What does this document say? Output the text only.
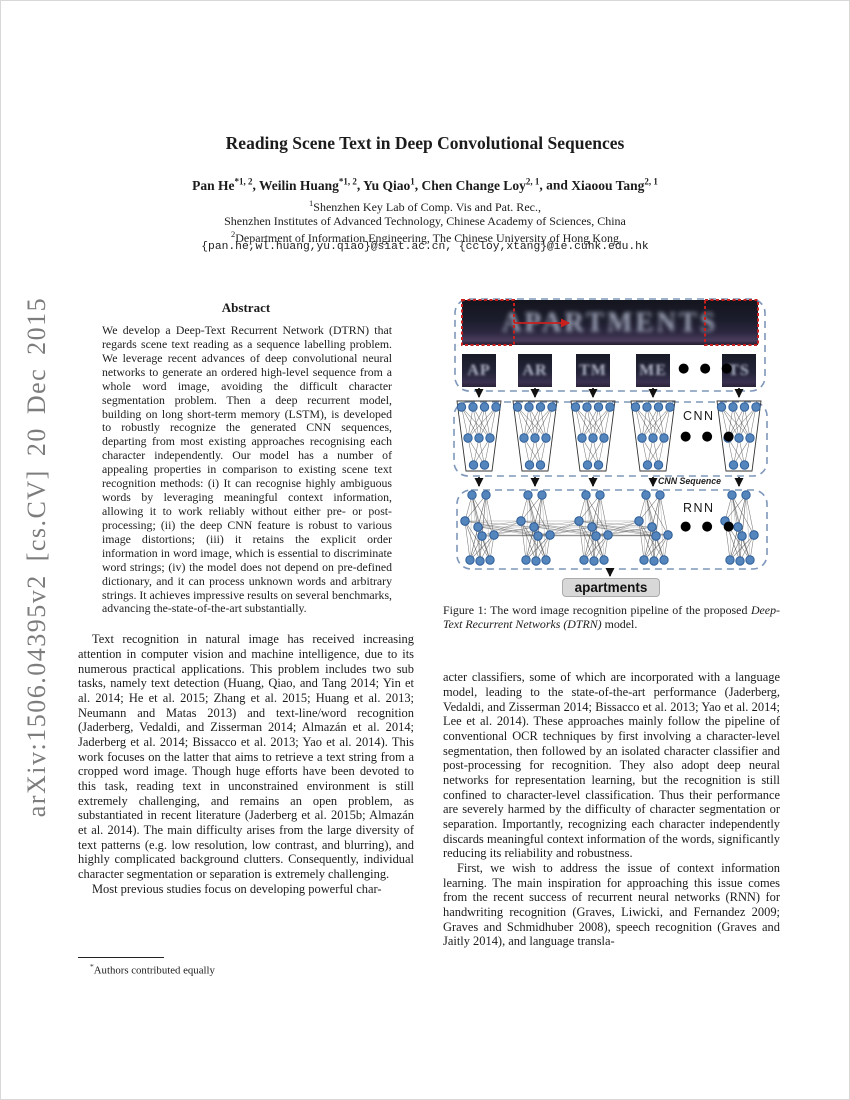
arXiv:1506.04395v2 [cs.CV] 20 Dec 2015
Reading Scene Text in Deep Convolutional Sequences
Pan He$^{*1, 2}$, Weilin Huang$^{*1, 2}$, Yu Qiao$^1$, Chen Change Loy$^{2, 1}$, and Xiaoou Tang$^{2, 1}$
$^1$Shenzhen Key Lab of Comp. Vis and Pat. Rec.,
Shenzhen Institutes of Advanced Technology, Chinese Academy of Sciences, China
$^2$Department of Information Engineering, The Chinese University of Hong Kong
{pan.he,wl.huang,yu.qiao}@siat.ac.cn, {ccloy,xtang}@ie.cuhk.edu.hk
Abstract

We develop a Deep-Text Recurrent Network (DTRN) that regards scene text reading as a sequence labelling problem. We leverage recent advances of deep convolutional neural networks to generate an ordered high-level sequence from a whole word image, avoiding the difficult character segmentation problem. Then a deep recurrent model, building on long short-term memory (LSTM), is developed to robustly recognize the generated CNN sequences, departing from most existing approaches recognising each character independently. Our model has a number of appealing properties in comparison to existing scene text recognition methods: (i) It can recognise highly ambiguous words by leveraging meaningful context information, allowing it to work reliably without either pre- or post-processing; (ii) the deep CNN feature is robust to various image distortions; (iii) it retains the explicit order information in word image, which is essential to discriminate word strings; (iv) the model does not depend on pre-defined dictionary, and it can process unknown words and arbitrary strings. It achieves impressive results on several benchmarks, advancing the-state-of-the-art substantially.

Text recognition in natural image has received increasing attention in computer vision and machine intelligence, due to its numerous practical applications. This problem includes two sub tasks, namely text detection (Huang, Qiao, and Tang 2014; Yin et al. 2014; He et al. 2015; Zhang et al. 2015; Huang et al. 2013; Neumann and Matas 2013) and text-line/word recognition (Jaderberg, Vedaldi, and Zisserman 2014; Almazán et al. 2014; Jaderberg et al. 2014; Bissacco et al. 2013; Yao et al. 2014). This work focuses on the latter that aims to retrieve a text string from a cropped word image. Though huge efforts have been devoted to this task, reading text in unconstrained environment is still extremely challenging, and remains an open problem, as substantiated in recent literature (Jaderberg et al. 2015b; Almazán et al. 2014). The main difficulty arises from the large diversity of text patterns (e.g. low resolution, low contrast, and blurring), and highly complicated background clutters. Consequently, individual character segmentation or separation is extremely challenging.

Most previous studies focus on developing powerful char-

APARTMENTS
● ● ●
CNN
● ● ●
CNN Sequence
RNN
● ● ●
apartments
AP AR TM ME	TS
Figure 1: The word image recognition pipeline of the proposed Deep-Text Recurrent Networks (DTRN) model.

acter classifiers, some of which are incorporated with a language model, leading to the state-of-the-art performance (Jaderberg, Vedaldi, and Zisserman 2014; Bissacco et al. 2013; Yao et al. 2014; Lee et al. 2014). These approaches mainly follow the pipeline of conventional OCR techniques by first involving a character-level segmentation, then followed by an isolated character classifier and post-processing for recognition. They also adopt deep neural networks for representation learning, but the recognition is still confined to character-level classification. Thus their performance are severely harmed by the difficulty of character segmentation or separation. Importantly, recognizing each character independently discards meaningful context information of the words, significantly reducing its reliability and robustness.

First, we wish to address the issue of context information learning. The main inspiration for approaching this issue comes from the recent success of recurrent neural networks (RNN) for handwriting recognition (Graves, Liwicki, and Fernandez 2009; Graves and Schmidhuber 2008), speech recognition (Graves and Jaitly 2014), and language transla-

*Authors contributed equally
